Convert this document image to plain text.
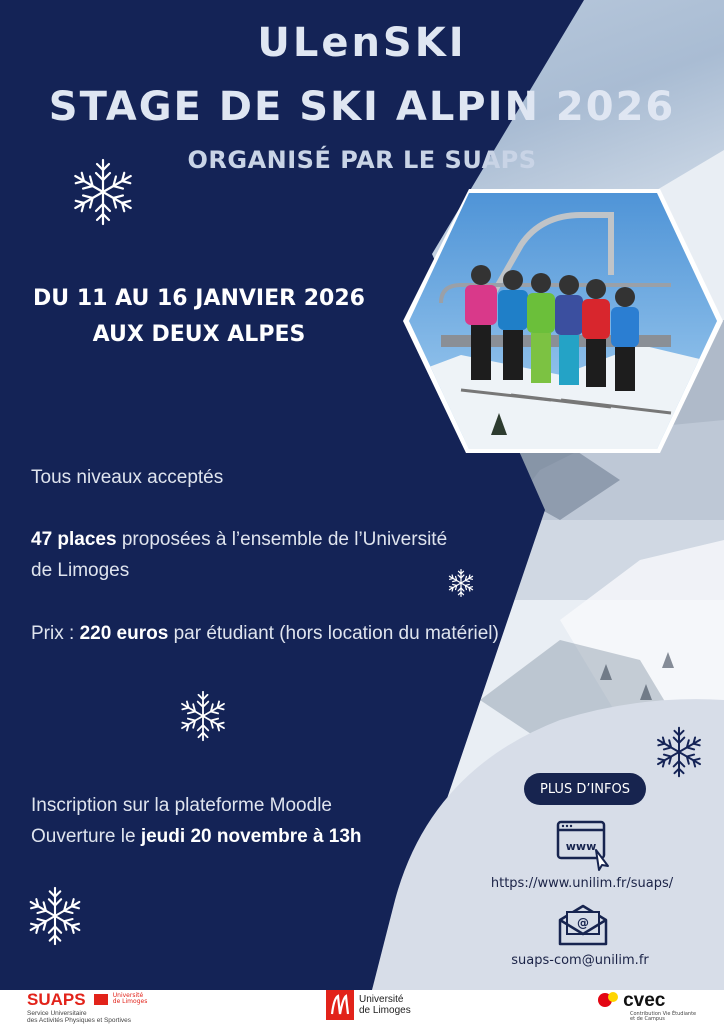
ULenSKI
STAGE DE SKI ALPIN 2026
ORGANISÉ PAR LE SUAPS
DU 11 AU 16 JANVIER 2026
AUX DEUX ALPES
Tous niveaux acceptés
47 places proposées à l’ensemble de l’Université de Limoges
Prix : 220 euros par étudiant (hors location du matériel)
Inscription sur la plateforme Moodle
Ouverture le jeudi 20 novembre à 13h
PLUS D’INFOS
www
https://www.unilim.fr/suaps/
@
suaps-com@unilim.fr
SUAPS	Université
de Limoges
Service Universitaire
des Activités Physiques et Sportives
Université
de Limoges	cvec
Contribution Vie Étudiante
et de Campus
